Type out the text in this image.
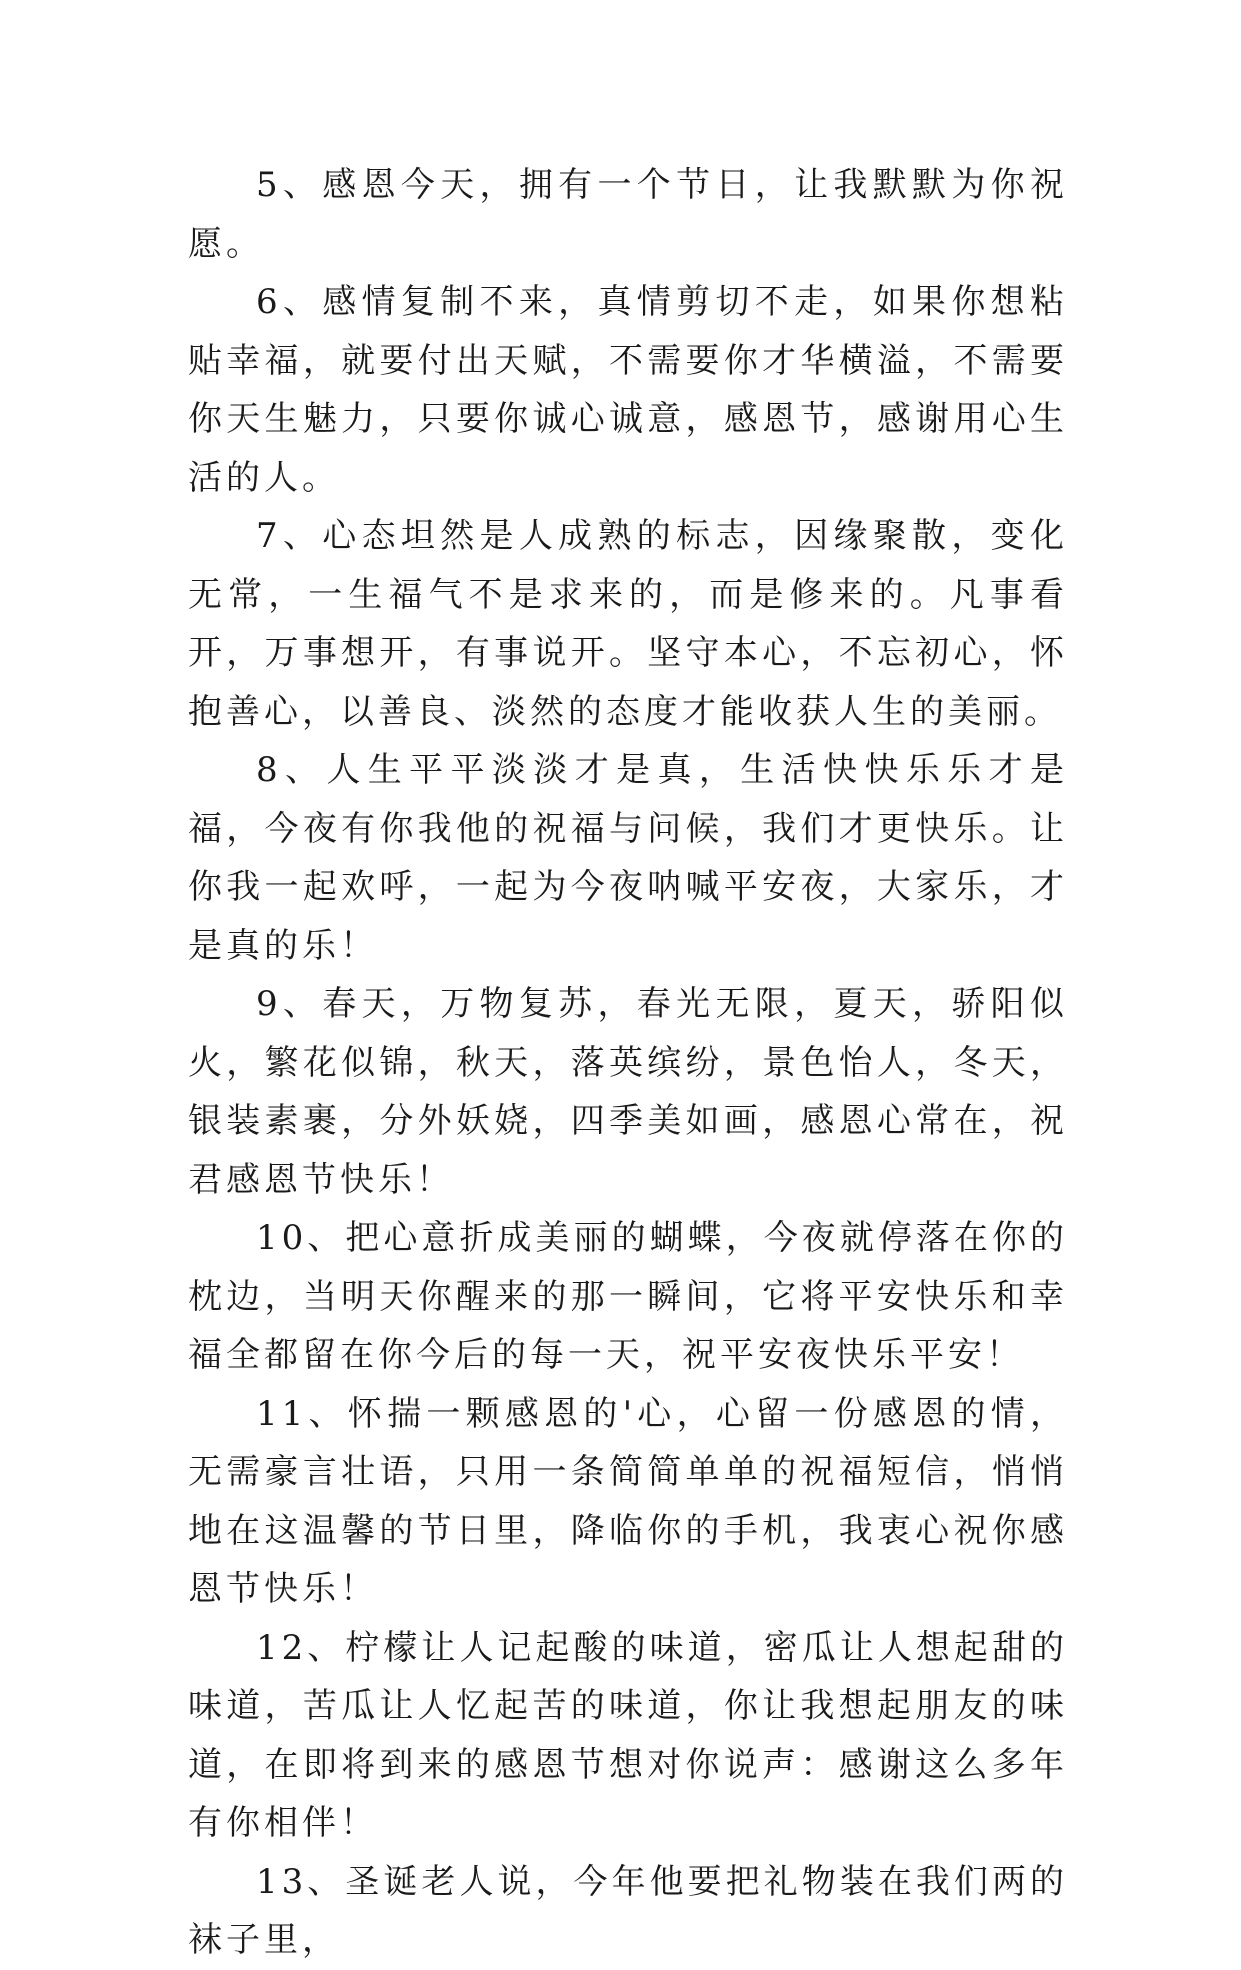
5、感恩今天，拥有一个节日，让我默默为你祝愿。

6、感情复制不来，真情剪切不走，如果你想粘贴幸福，就要付出天赋，不需要你才华横溢，不需要你天生魅力，只要你诚心诚意，感恩节，感谢用心生活的人。

7、心态坦然是人成熟的标志，因缘聚散，变化无常，一生福气不是求来的，而是修来的。凡事看开，万事想开，有事说开。坚守本心，不忘初心，怀抱善心，以善良、淡然的态度才能收获人生的美丽。

8、人生平平淡淡才是真，生活快快乐乐才是福，今夜有你我他的祝福与问候，我们才更快乐。让你我一起欢呼，一起为今夜呐喊平安夜，大家乐，才是真的乐！

9、春天，万物复苏，春光无限，夏天，骄阳似火，繁花似锦，秋天，落英缤纷，景色怡人，冬天，银装素裹，分外妖娆，四季美如画，感恩心常在，祝君感恩节快乐！

10、把心意折成美丽的蝴蝶，今夜就停落在你的枕边，当明天你醒来的那一瞬间，它将平安快乐和幸福全都留在你今后的每一天，祝平安夜快乐平安！

11、怀揣一颗感恩的'心，心留一份感恩的情，无需豪言壮语，只用一条简简单单的祝福短信，悄悄地在这温馨的节日里，降临你的手机，我衷心祝你感恩节快乐！

12、柠檬让人记起酸的味道，密瓜让人想起甜的味道，苦瓜让人忆起苦的味道，你让我想起朋友的味道，在即将到来的感恩节想对你说声：感谢这么多年有你相伴！

13、圣诞老人说，今年他要把礼物装在我们两的袜子里，
